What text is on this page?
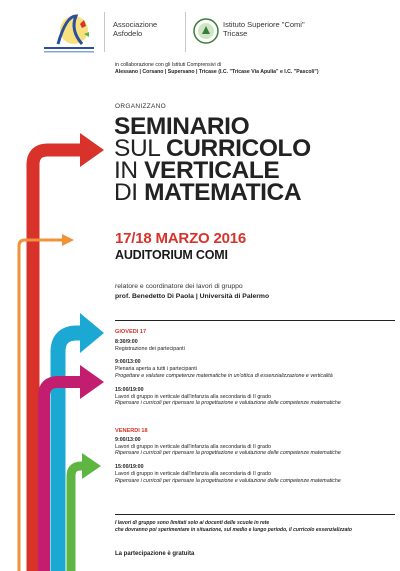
Associazione
Asfodelo
Istituto Superiore "Comi"
Tricase
in collaborazione con gli Istituti Comprensivi di
Alessano | Corsano | Supersano | Tricase (I.C. "Tricase Via Apulia" e I.C. "Pascoli")
ORGANIZZANO
SEMINARIO
SUL CURRICOLO
IN VERTICALE
DI MATEMATICA
17/18 MARZO 2016
AUDITORIUM COMI
relatore e coordinatore dei lavori di gruppo
prof. Benedetto Di Paola | Università di Palermo
GIOVEDI 17
8:30/9:00
Registrazione dei partecipanti
9:00/13:00
Plenaria aperta a tutti i partecipanti
Progettare e valutare competenze matematiche in un'ottica di essenzializzazione e verticalità
15:00/19:00
Lavori di gruppo in verticale dall'infanzia alla secondaria di II grado
Ripensare i curricoli per ripensare la progettazione e valutazione delle competenze matematiche
VENERDI 18
9:00/13:00
Lavori di gruppo in verticale dall'infanzia alla secondaria di II grado
Ripensare i curricoli per ripensare la progettazione e valutazione delle competenze matematiche
15:00/19:00
Lavori di gruppo in verticale dall'infanzia alla secondaria di II grado
Ripensare i curricoli per ripensare la progettazione e valutazione delle competenze matematiche
I lavori di gruppo sono limitati solo ai docenti delle scuole in rete
che dovranno poi sperimentare in situazione, sul medio e lungo periodo, il curricolo essenzializzato
La partecipazione è gratuita
